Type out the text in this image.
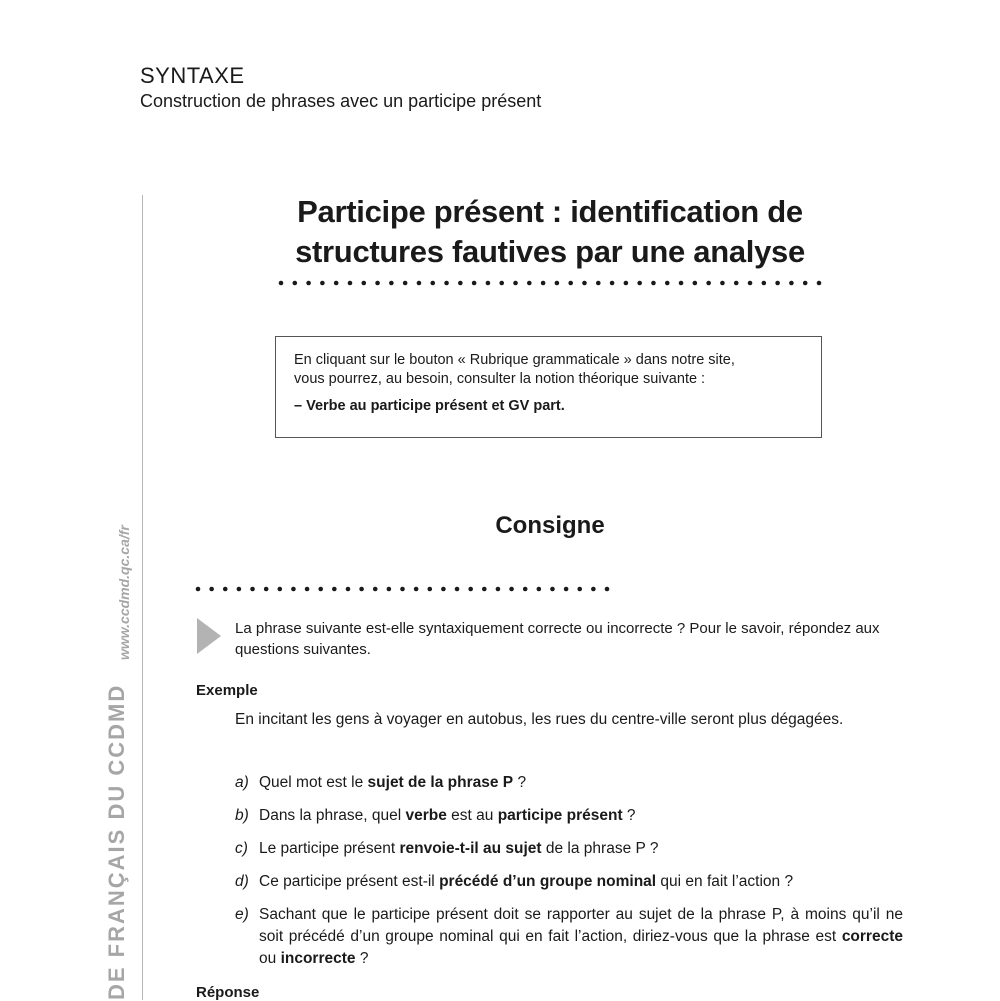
SYNTAXE
Construction de phrases avec un participe présent
www.ccdmd.qc.ca/fr
DE FRANÇAIS DU CCDMD
Participe présent : identification de
structures fautives par une analyse
En cliquant sur le bouton « Rubrique grammaticale » dans notre site,
vous pourrez, au besoin, consulter la notion théorique suivante :
– Verbe au participe présent et GV part.
Consigne
La phrase suivante est-elle syntaxiquement correcte ou incorrecte ? Pour le savoir, répondez aux questions suivantes.
Exemple
En incitant les gens à voyager en autobus, les rues du centre-ville seront plus dégagées.
a) Quel mot est le sujet de la phrase P ?
b) Dans la phrase, quel verbe est au participe présent ?
c) Le participe présent renvoie-t-il au sujet de la phrase P ?
d) Ce participe présent est-il précédé d’un groupe nominal qui en fait l’action ?
e) Sachant que le participe présent doit se rapporter au sujet de la phrase P, à moins qu’il ne soit précédé d’un groupe nominal qui en fait l’action, diriez-vous que la phrase est correcte ou incorrecte ?
Réponse
